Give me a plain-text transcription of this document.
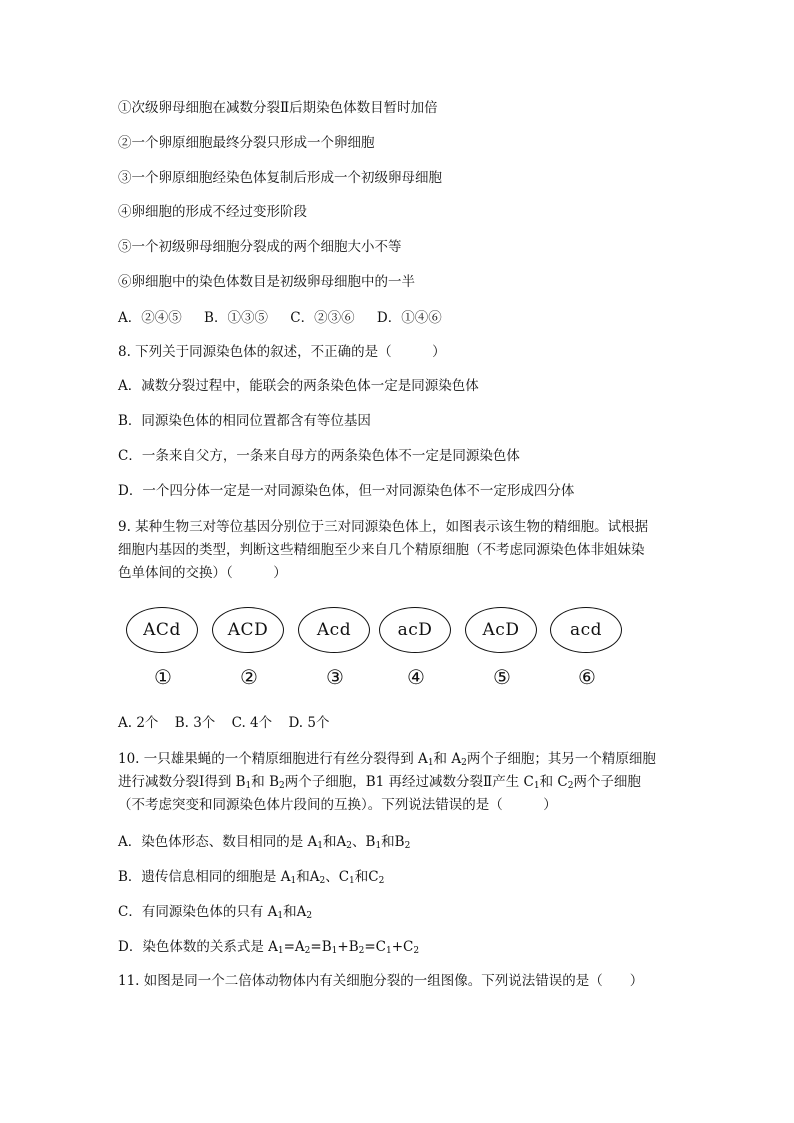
①次级卵母细胞在减数分裂Ⅱ后期染色体数目暂时加倍
②一个卵原细胞最终分裂只形成一个卵细胞
③一个卵原细胞经染色体复制后形成一个初级卵母细胞
④卵细胞的形成不经过变形阶段
⑤一个初级卵母细胞分裂成的两个细胞大小不等
⑥卵细胞中的染色体数目是初级卵母细胞中的一半
A．②④⑤ B．①③⑤ C．②③⑥ D．①④⑥
8. 下列关于同源染色体的叙述，不正确的是（　　　）
A．减数分裂过程中，能联会的两条染色体一定是同源染色体
B．同源染色体的相同位置都含有等位基因
C．一条来自父方，一条来自母方的两条染色体不一定是同源染色体
D．一个四分体一定是一对同源染色体，但一对同源染色体不一定形成四分体
9. 某种生物三对等位基因分别位于三对同源染色体上，如图表示该生物的精细胞。试根据
细胞内基因的类型，判断这些精细胞至少来自几个精原细胞（不考虑同源染色体非姐妹染
色单体间的交换）（　　　）
ACd
①
ACD
②
Acd
③
acD
④
AcD
⑤
acd
⑥
A. 2个 B. 3个 C. 4个 D. 5个
10. 一只雄果蝇的一个精原细胞进行有丝分裂得到 $A_1$和 $A_2$两个子细胞；其另一个精原细胞
进行减数分裂Ⅰ得到 $B_1$和 $B_2$两个子细胞，B1 再经过减数分裂Ⅱ产生 $C_1$和 $C_2$两个子细胞
（不考虑突变和同源染色体片段间的互换）。下列说法错误的是（　　　）
A．染色体形态、数目相同的是 $A_1$和$A_2$、$B_1$和$B_2$
B．遗传信息相同的细胞是 $A_1$和$A_2$、$C_1$和$C_2$
C．有同源染色体的只有 $A_1$和$A_2$
D．染色体数的关系式是 $A_1=A_2=B_1+B_2=C_1+C_2$
11. 如图是同一个二倍体动物体内有关细胞分裂的一组图像。下列说法错误的是（　　）
